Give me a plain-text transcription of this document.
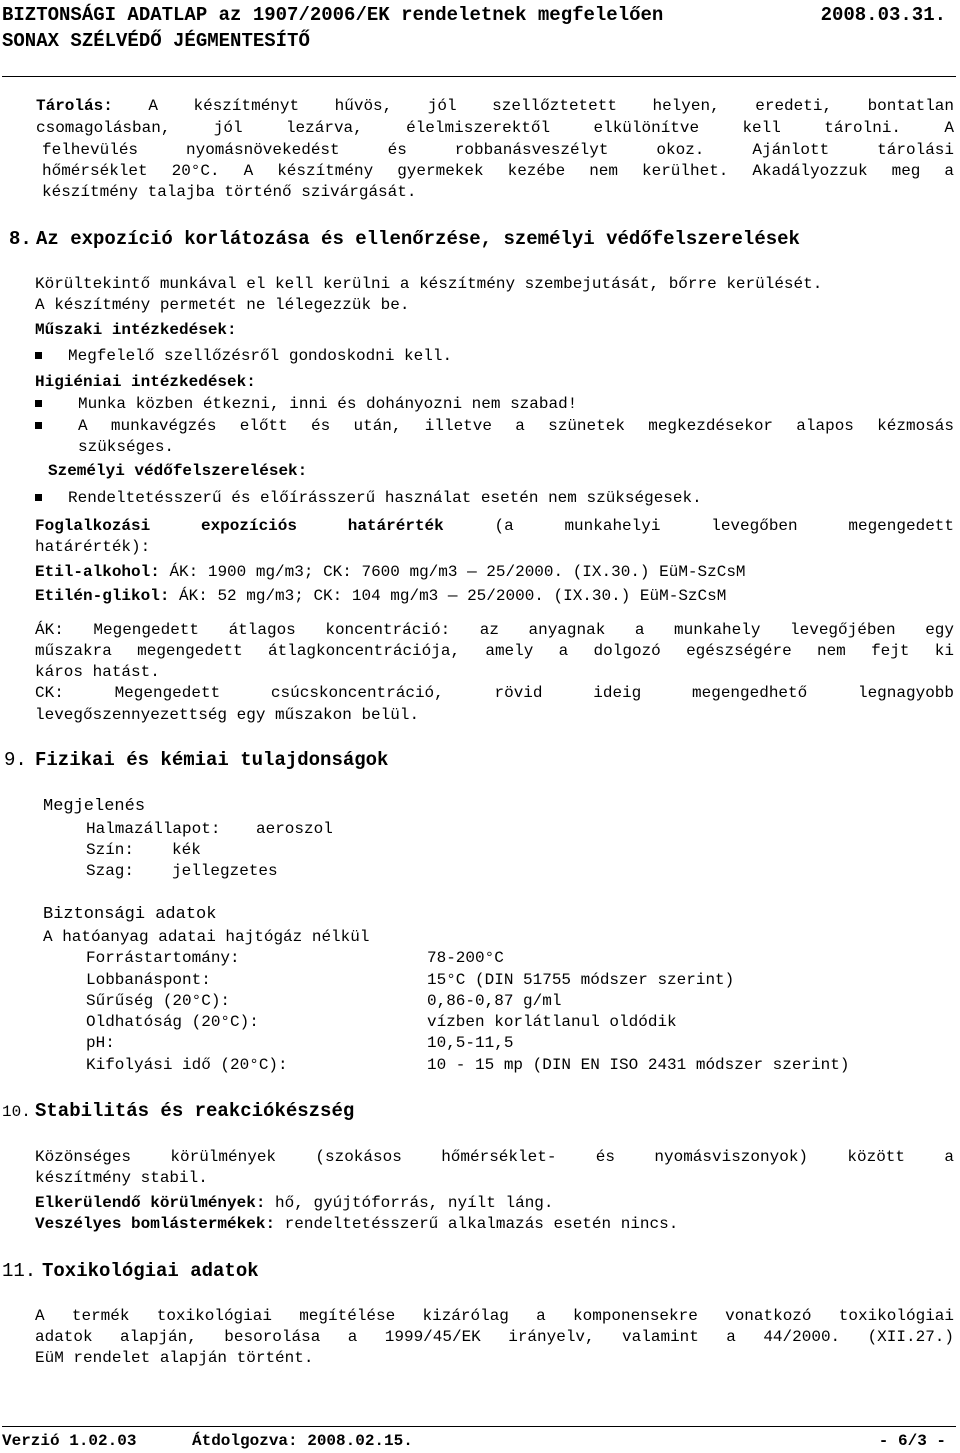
BIZTONSÁGI ADATLAP az 1907/2006/EK rendeletnek megfelelően	2008.03.31.
SONAX SZÉLVÉDŐ JÉGMENTESÍTŐ
Tárolás: A készítményt hűvös, jól szellőztetett helyen, eredeti, bontatlan
csomagolásban, jól lezárva, élelmiszerektől elkülönítve kell tárolni. A
felhevülés nyomásnövekedést és robbanásveszélyt okoz. Ajánlott tárolási
hőmérséklet 20°C. A készítmény gyermekek kezébe nem kerülhet. Akadályozzuk meg a
készítmény talajba történő szivárgását.
8. Az expozíció korlátozása és ellenőrzése, személyi védőfelszerelések
Körültekintő munkával el kell kerülni a készítmény szembejutását, bőrre kerülését.
A készítmény permetét ne lélegezzük be.
Műszaki intézkedések:
Megfelelő szellőzésről gondoskodni kell.
Higiéniai intézkedések:
Munka közben étkezni, inni és dohányozni nem szabad!
A munkavégzés előtt és után, illetve a szünetek megkezdésekor alapos kézmosás
szükséges.
Személyi védőfelszerelések:
Rendeltetésszerű és előírásszerű használat esetén nem szükségesek.
Foglalkozási expozíciós határérték	(a munkahelyi levegőben megengedett
határérték):
Etil-alkohol: ÁK: 1900 mg/m3; CK: 7600 mg/m3 — 25/2000. (IX.30.) EüM-SzCsM
Etilén-glikol: ÁK: 52 mg/m3; CK: 104 mg/m3 — 25/2000. (IX.30.) EüM-SzCsM
ÁK: Megengedett átlagos koncentráció: az anyagnak a munkahely levegőjében egy
műszakra megengedett átlagkoncentrációja, amely a dolgozó egészségére nem fejt ki
káros hatást.
CK:	Megengedett csúcskoncentráció, rövid ideig megengedhető legnagyobb
levegőszennyezettség egy műszakon belül.
9. Fizikai és kémiai tulajdonságok
Megjelenés
Halmazállapot: aeroszol
Szín: kék
Szag: jellegzetes
Biztonsági adatok
A hatóanyag adatai hajtógáz nélkül
Forrástartomány:	78-200°C
Lobbanáspont:	15°C (DIN 51755 módszer szerint)
Sűrűség (20°C):	0,86-0,87 g/ml
Oldhatóság (20°C):	vízben korlátlanul oldódik
pH:	10,5-11,5
Kifolyási idő (20°C):	10 - 15 mp (DIN EN ISO 2431 módszer szerint)
10. Stabilitás és reakciókészség
Közönséges körülmények (szokásos hőmérséklet- és nyomásviszonyok) között a
készítmény stabil.
Elkerülendő körülmények: hő, gyújtóforrás, nyílt láng.
Veszélyes bomlástermékek: rendeltetésszerű alkalmazás esetén nincs.
11. Toxikológiai adatok
A termék toxikológiai megítélése kizárólag a komponensekre vonatkozó toxikológiai
adatok alapján, besorolása a 1999/45/EK irányelv, valamint a 44/2000. (XII.27.)
EüM rendelet alapján történt.
Verzió 1.02.03	Átdolgozva: 2008.02.15.	- 6/3 -
